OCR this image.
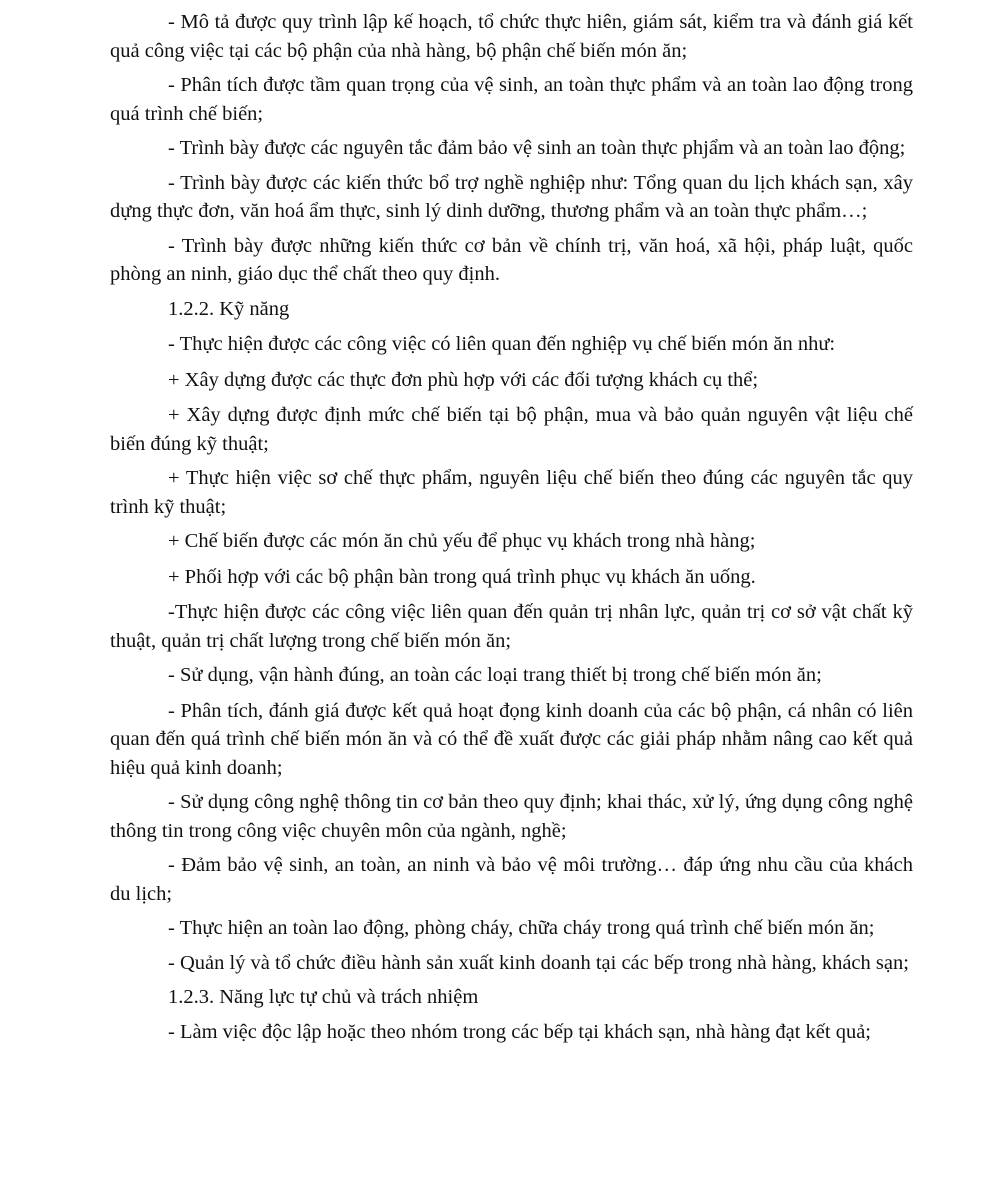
- Mô tả được quy trình lập kế hoạch, tổ chức thực hiên, giám sát, kiểm tra và đánh giá kết quả công việc tại các bộ phận của nhà hàng, bộ phận chế biến món ăn;

- Phân tích được tầm quan trọng của vệ sinh, an toàn thực phẩm và an toàn lao động trong quá trình chế biến;

- Trình bày được các nguyên tắc đảm bảo vệ sinh an toàn thực phjẩm và an toàn lao động;

- Trình bày được các kiến thức bổ trợ nghề nghiệp như: Tổng quan du lịch khách sạn, xây dựng thực đơn, văn hoá ẩm thực, sinh lý dinh dưỡng, thương phẩm và an toàn thực phẩm…;

- Trình bày được những kiến thức cơ bản về chính trị, văn hoá, xã hội, pháp luật, quốc phòng an ninh, giáo dục thể chất theo quy định.

1.2.2. Kỹ năng

- Thực hiện được các công việc có liên quan đến nghiệp vụ chế biến món ăn như:

+ Xây dựng được các thực đơn phù hợp với các đối tượng khách cụ thể;

+ Xây dựng được định mức chế biến tại bộ phận, mua và bảo quản nguyên vật liệu chế biến đúng kỹ thuật;

+ Thực hiện việc sơ chế thực phẩm, nguyên liệu chế biến theo đúng các nguyên tắc quy trình kỹ thuật;

+ Chế biến được các món ăn chủ yếu để phục vụ khách trong nhà hàng;

+ Phối hợp với các bộ phận bàn trong quá trình phục vụ khách ăn uống.

-Thực hiện được các công việc liên quan đến quản trị nhân lực, quản trị cơ sở vật chất kỹ thuật, quản trị chất lượng trong chế biến món ăn;

- Sử dụng, vận hành đúng, an toàn các loại trang thiết bị trong chế biến món ăn;

- Phân tích, đánh giá được kết quả hoạt đọng kinh doanh của các bộ phận, cá nhân có liên quan đến quá trình chế biến món ăn và có thể đề xuất được các giải pháp nhằm nâng cao kết quả hiệu quả kinh doanh;

- Sử dụng công nghệ thông tin cơ bản theo quy định; khai thác, xử lý, ứng dụng công nghệ thông tin trong công việc chuyên môn của ngành, nghề;

- Đảm bảo vệ sinh, an toàn, an ninh và bảo vệ môi trường… đáp ứng nhu cầu của khách du lịch;

- Thực hiện an toàn lao động, phòng cháy, chữa cháy trong quá trình chế biến món ăn;

- Quản lý và tổ chức điều hành sản xuất kinh doanh tại các bếp trong nhà hàng, khách sạn;

1.2.3. Năng lực tự chủ và trách nhiệm

- Làm việc độc lập hoặc theo nhóm trong các bếp tại khách sạn, nhà hàng đạt kết quả;
